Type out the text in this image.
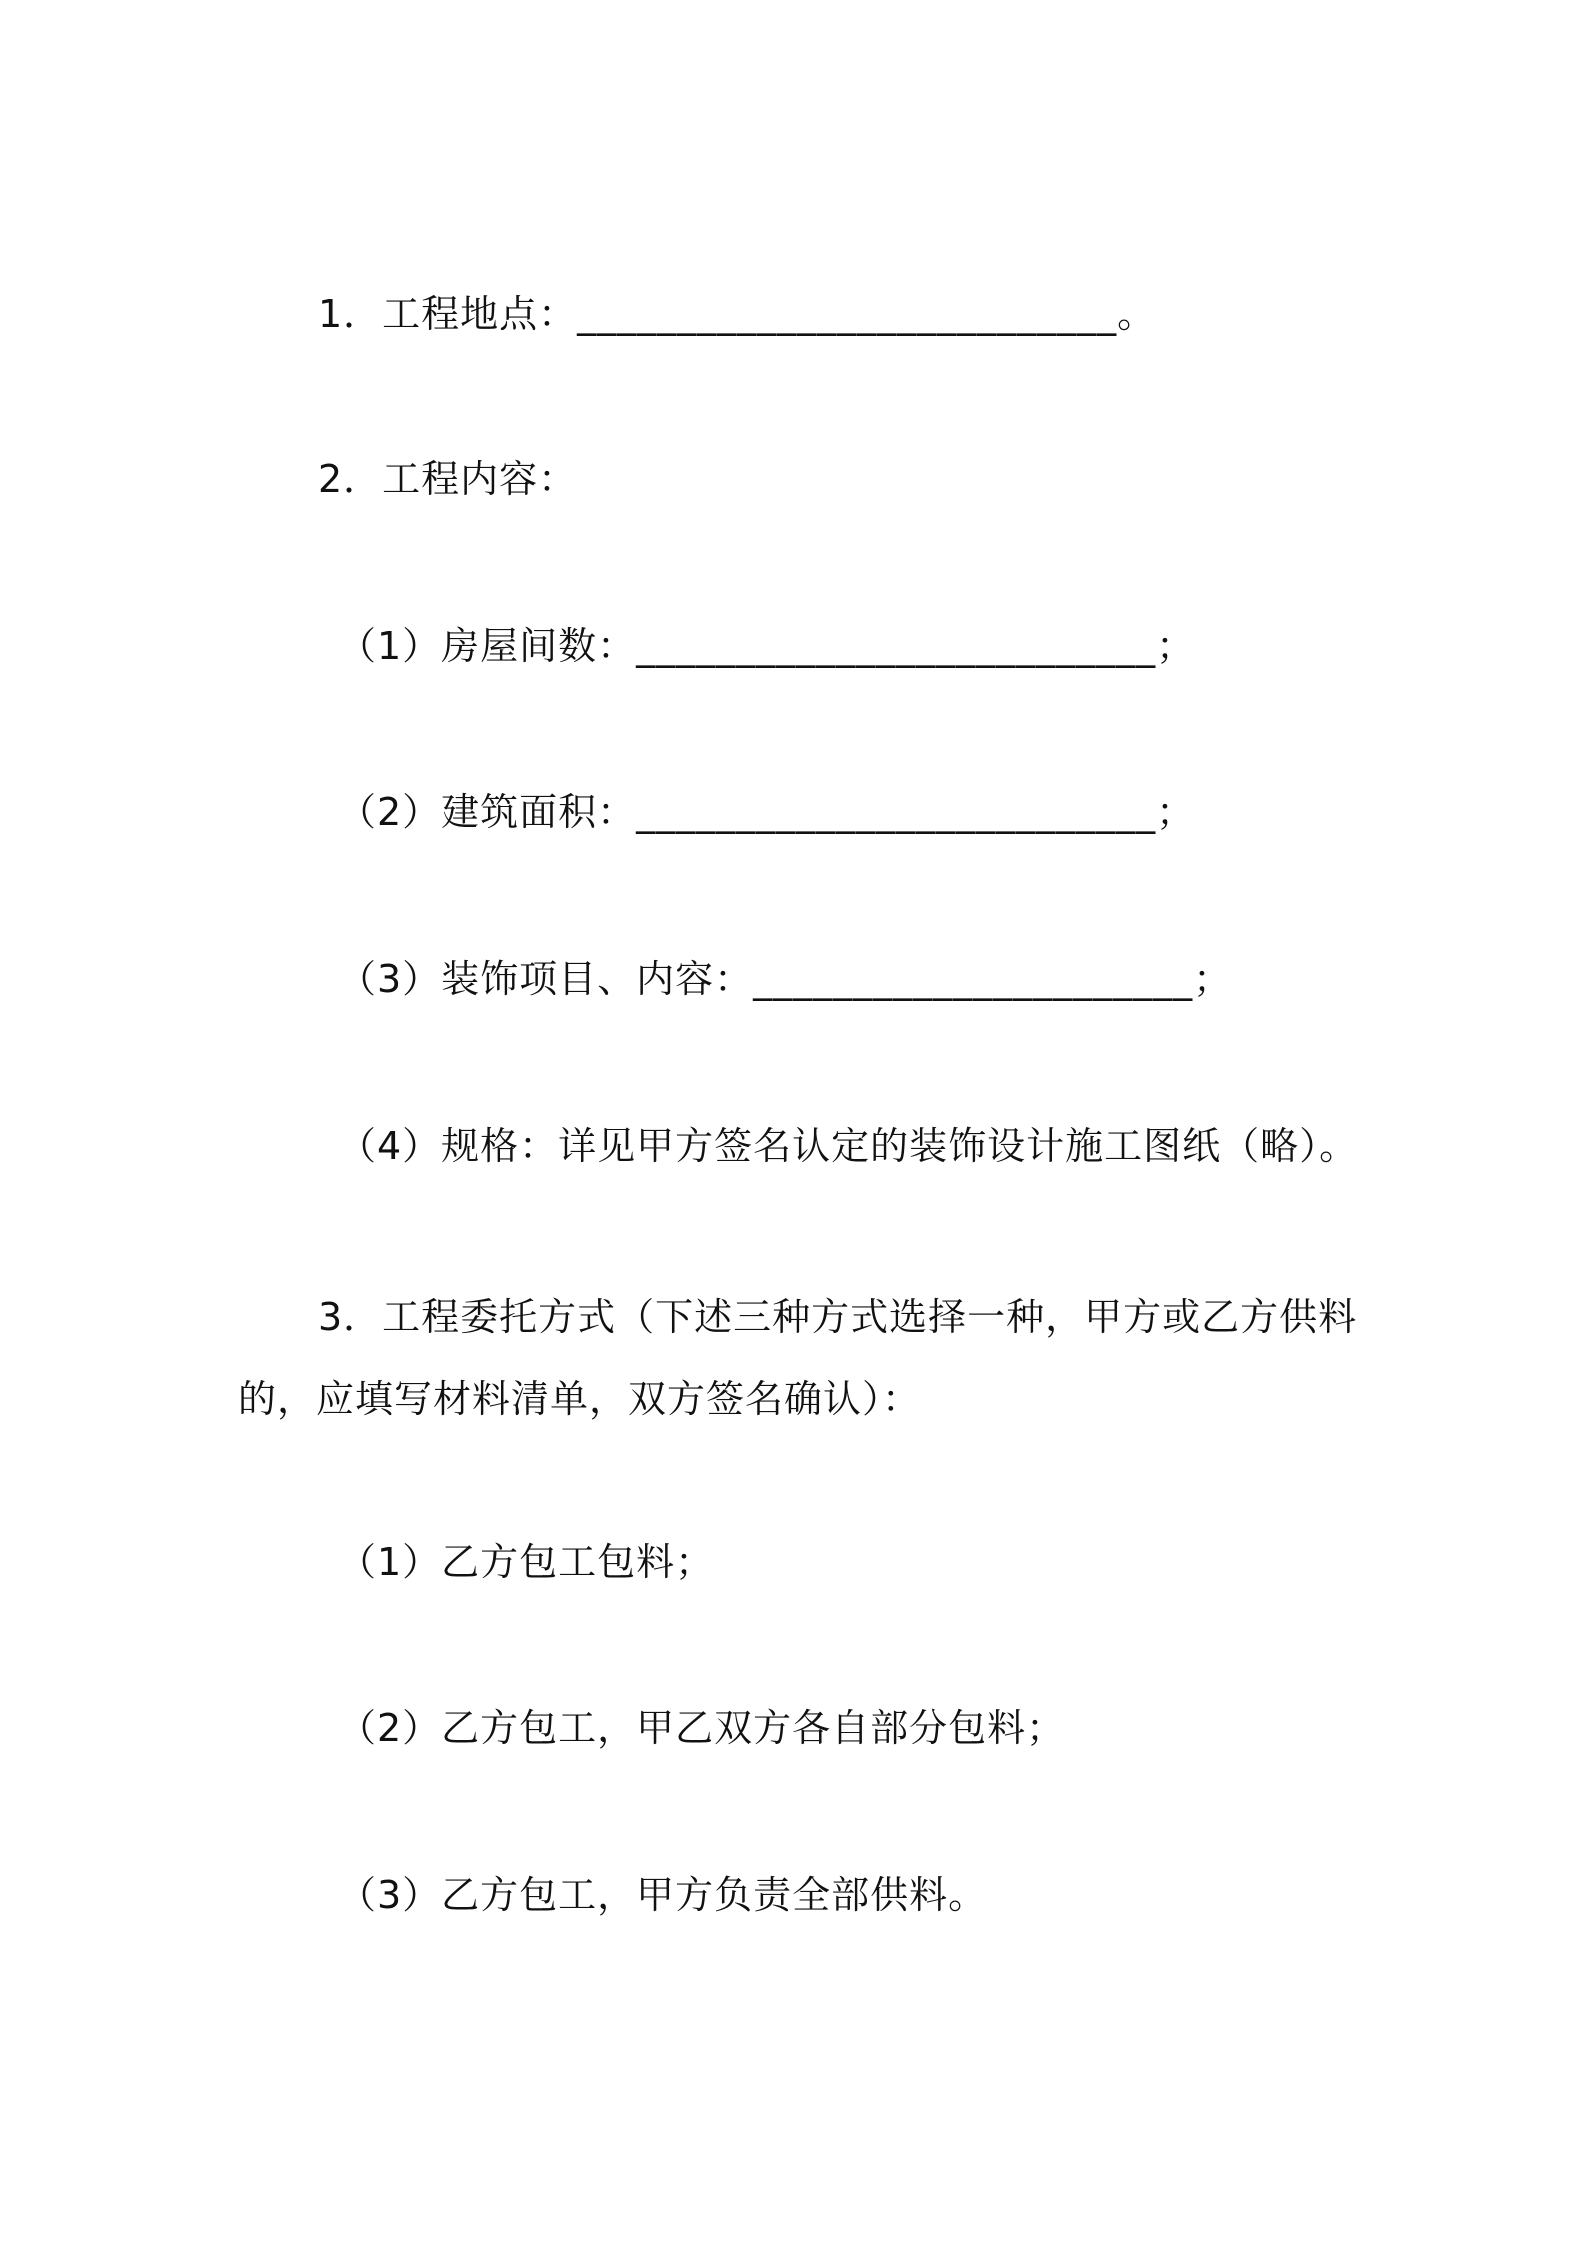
1．工程地点：___________________________。
2．工程内容：
（1）房屋间数：__________________________；
（2）建筑面积：__________________________；
（3）装饰项目、内容：______________________；
（4）规格：详见甲方签名认定的装饰设计施工图纸（略）。
3．工程委托方式（下述三种方式选择一种，甲方或乙方供料的，应填写材料清单，双方签名确认）：
（1）乙方包工包料；
（2）乙方包工，甲乙双方各自部分包料；
（3）乙方包工，甲方负责全部供料。
